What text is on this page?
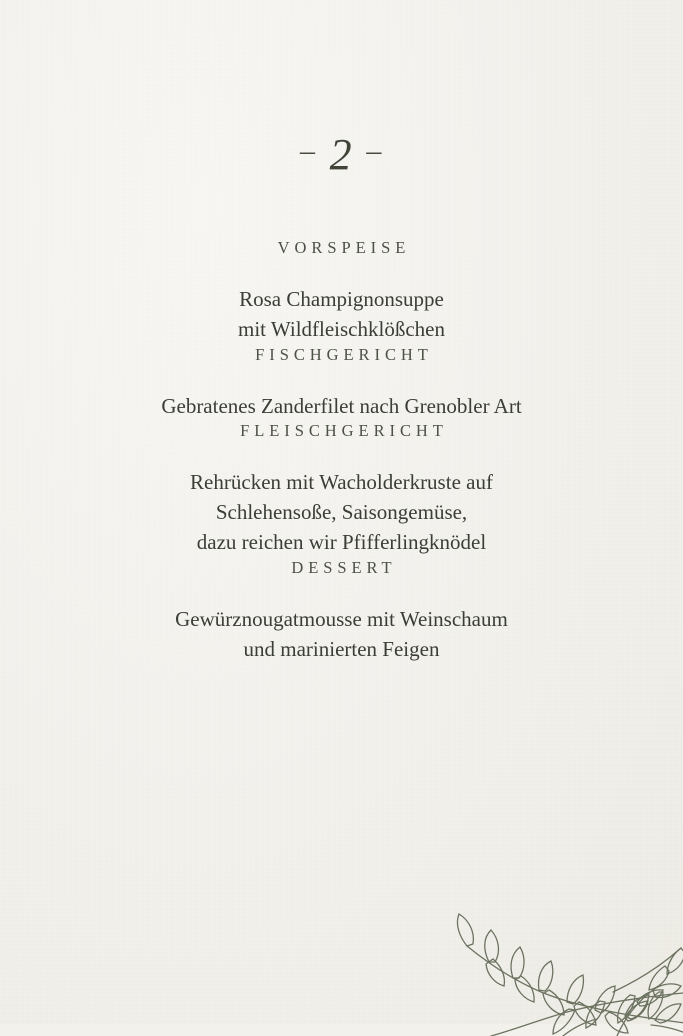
– 2 –
VORSPEISE
Rosa Champignonsuppe
mit Wildfleischklößchen
FISCHGERICHT
Gebratenes Zanderfilet nach Grenobler Art
FLEISCHGERICHT
Rehrücken mit Wacholderkruste auf
Schlehensoße, Saisongemüse,
dazu reichen wir Pfifferlingknödel
DESSERT
Gewürznougatmousse mit Weinschaum
und marinierten Feigen
